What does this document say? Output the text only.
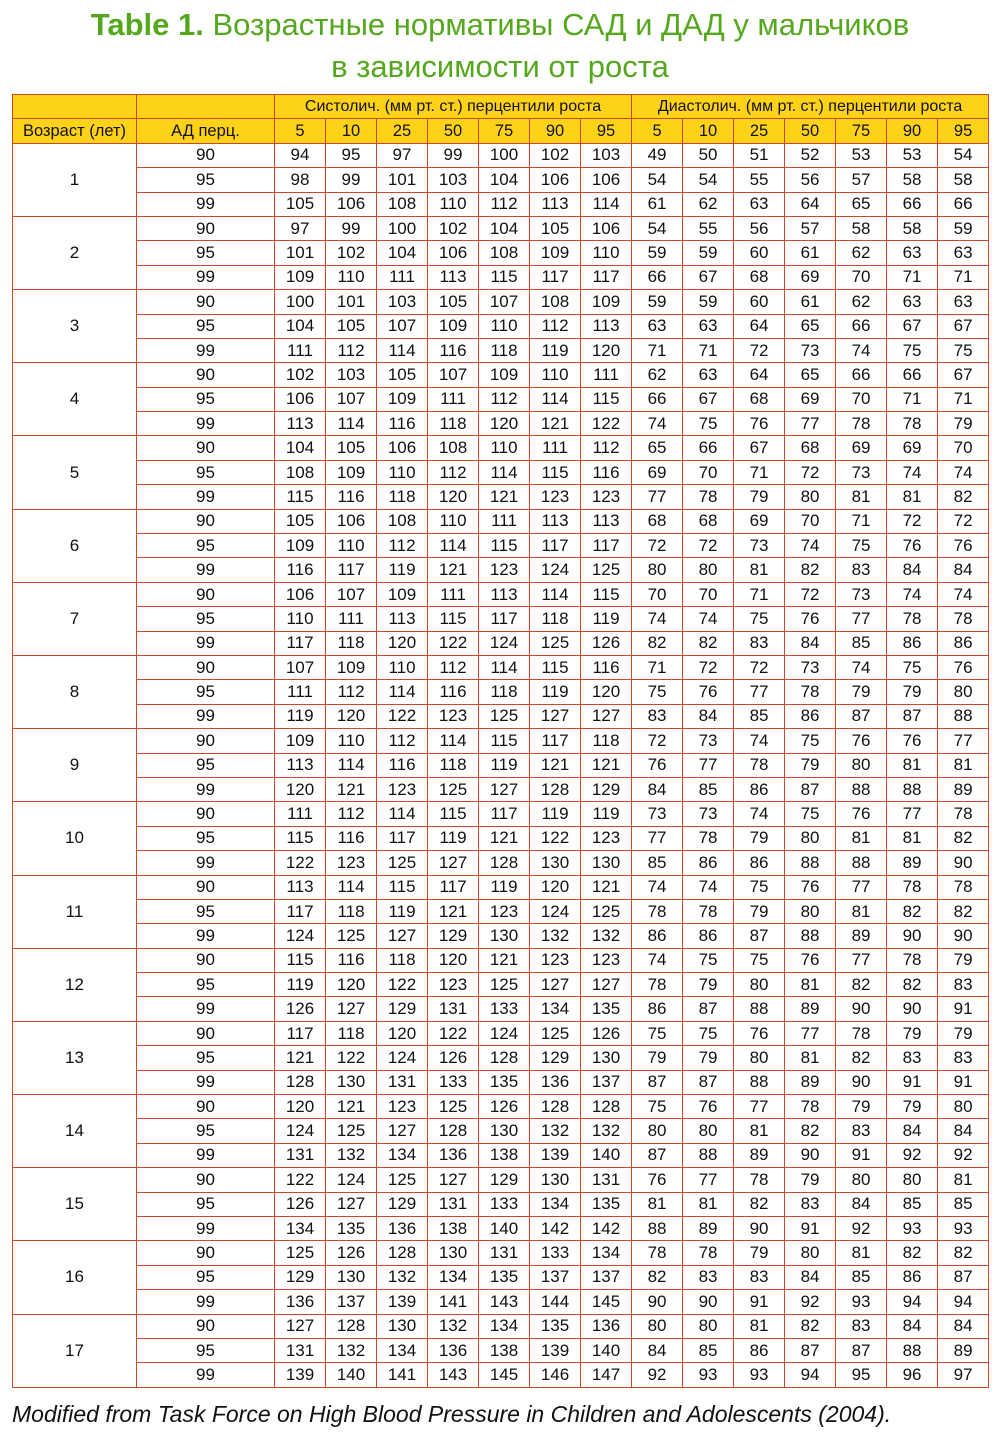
Table 1. Возрастные нормативы САД и ДАД у мальчиков
в зависимости от роста
		Систолич. (мм рт. ст.) перцентили роста							Диастолич. (мм рт. ст.) перцентили роста						
Возраст (лет)	АД перц.	5	10	25	50	75	90	95	5	10	25	50	75	90	95
1	90	94	95	97	99	100	102	103	49	50	51	52	53	53	54
	95	98	99	101	103	104	106	106	54	54	55	56	57	58	58
	99	105	106	108	110	112	113	114	61	62	63	64	65	66	66
2	90	97	99	100	102	104	105	106	54	55	56	57	58	58	59
	95	101	102	104	106	108	109	110	59	59	60	61	62	63	63
	99	109	110	111	113	115	117	117	66	67	68	69	70	71	71
3	90	100	101	103	105	107	108	109	59	59	60	61	62	63	63
	95	104	105	107	109	110	112	113	63	63	64	65	66	67	67
	99	111	112	114	116	118	119	120	71	71	72	73	74	75	75
4	90	102	103	105	107	109	110	111	62	63	64	65	66	66	67
	95	106	107	109	111	112	114	115	66	67	68	69	70	71	71
	99	113	114	116	118	120	121	122	74	75	76	77	78	78	79
5	90	104	105	106	108	110	111	112	65	66	67	68	69	69	70
	95	108	109	110	112	114	115	116	69	70	71	72	73	74	74
	99	115	116	118	120	121	123	123	77	78	79	80	81	81	82
6	90	105	106	108	110	111	113	113	68	68	69	70	71	72	72
	95	109	110	112	114	115	117	117	72	72	73	74	75	76	76
	99	116	117	119	121	123	124	125	80	80	81	82	83	84	84
7	90	106	107	109	111	113	114	115	70	70	71	72	73	74	74
	95	110	111	113	115	117	118	119	74	74	75	76	77	78	78
	99	117	118	120	122	124	125	126	82	82	83	84	85	86	86
8	90	107	109	110	112	114	115	116	71	72	72	73	74	75	76
	95	111	112	114	116	118	119	120	75	76	77	78	79	79	80
	99	119	120	122	123	125	127	127	83	84	85	86	87	87	88
9	90	109	110	112	114	115	117	118	72	73	74	75	76	76	77
	95	113	114	116	118	119	121	121	76	77	78	79	80	81	81
	99	120	121	123	125	127	128	129	84	85	86	87	88	88	89
10	90	111	112	114	115	117	119	119	73	73	74	75	76	77	78
	95	115	116	117	119	121	122	123	77	78	79	80	81	81	82
	99	122	123	125	127	128	130	130	85	86	86	88	88	89	90
11	90	113	114	115	117	119	120	121	74	74	75	76	77	78	78
	95	117	118	119	121	123	124	125	78	78	79	80	81	82	82
	99	124	125	127	129	130	132	132	86	86	87	88	89	90	90
12	90	115	116	118	120	121	123	123	74	75	75	76	77	78	79
	95	119	120	122	123	125	127	127	78	79	80	81	82	82	83
	99	126	127	129	131	133	134	135	86	87	88	89	90	90	91
13	90	117	118	120	122	124	125	126	75	75	76	77	78	79	79
	95	121	122	124	126	128	129	130	79	79	80	81	82	83	83
	99	128	130	131	133	135	136	137	87	87	88	89	90	91	91
14	90	120	121	123	125	126	128	128	75	76	77	78	79	79	80
	95	124	125	127	128	130	132	132	80	80	81	82	83	84	84
	99	131	132	134	136	138	139	140	87	88	89	90	91	92	92
15	90	122	124	125	127	129	130	131	76	77	78	79	80	80	81
	95	126	127	129	131	133	134	135	81	81	82	83	84	85	85
	99	134	135	136	138	140	142	142	88	89	90	91	92	93	93
16	90	125	126	128	130	131	133	134	78	78	79	80	81	82	82
	95	129	130	132	134	135	137	137	82	83	83	84	85	86	87
	99	136	137	139	141	143	144	145	90	90	91	92	93	94	94
17	90	127	128	130	132	134	135	136	80	80	81	82	83	84	84
	95	131	132	134	136	138	139	140	84	85	86	87	87	88	89
	99	139	140	141	143	145	146	147	92	93	93	94	95	96	97
Modified from Task Force on High Blood Pressure in Children and Adolescents (2004).
